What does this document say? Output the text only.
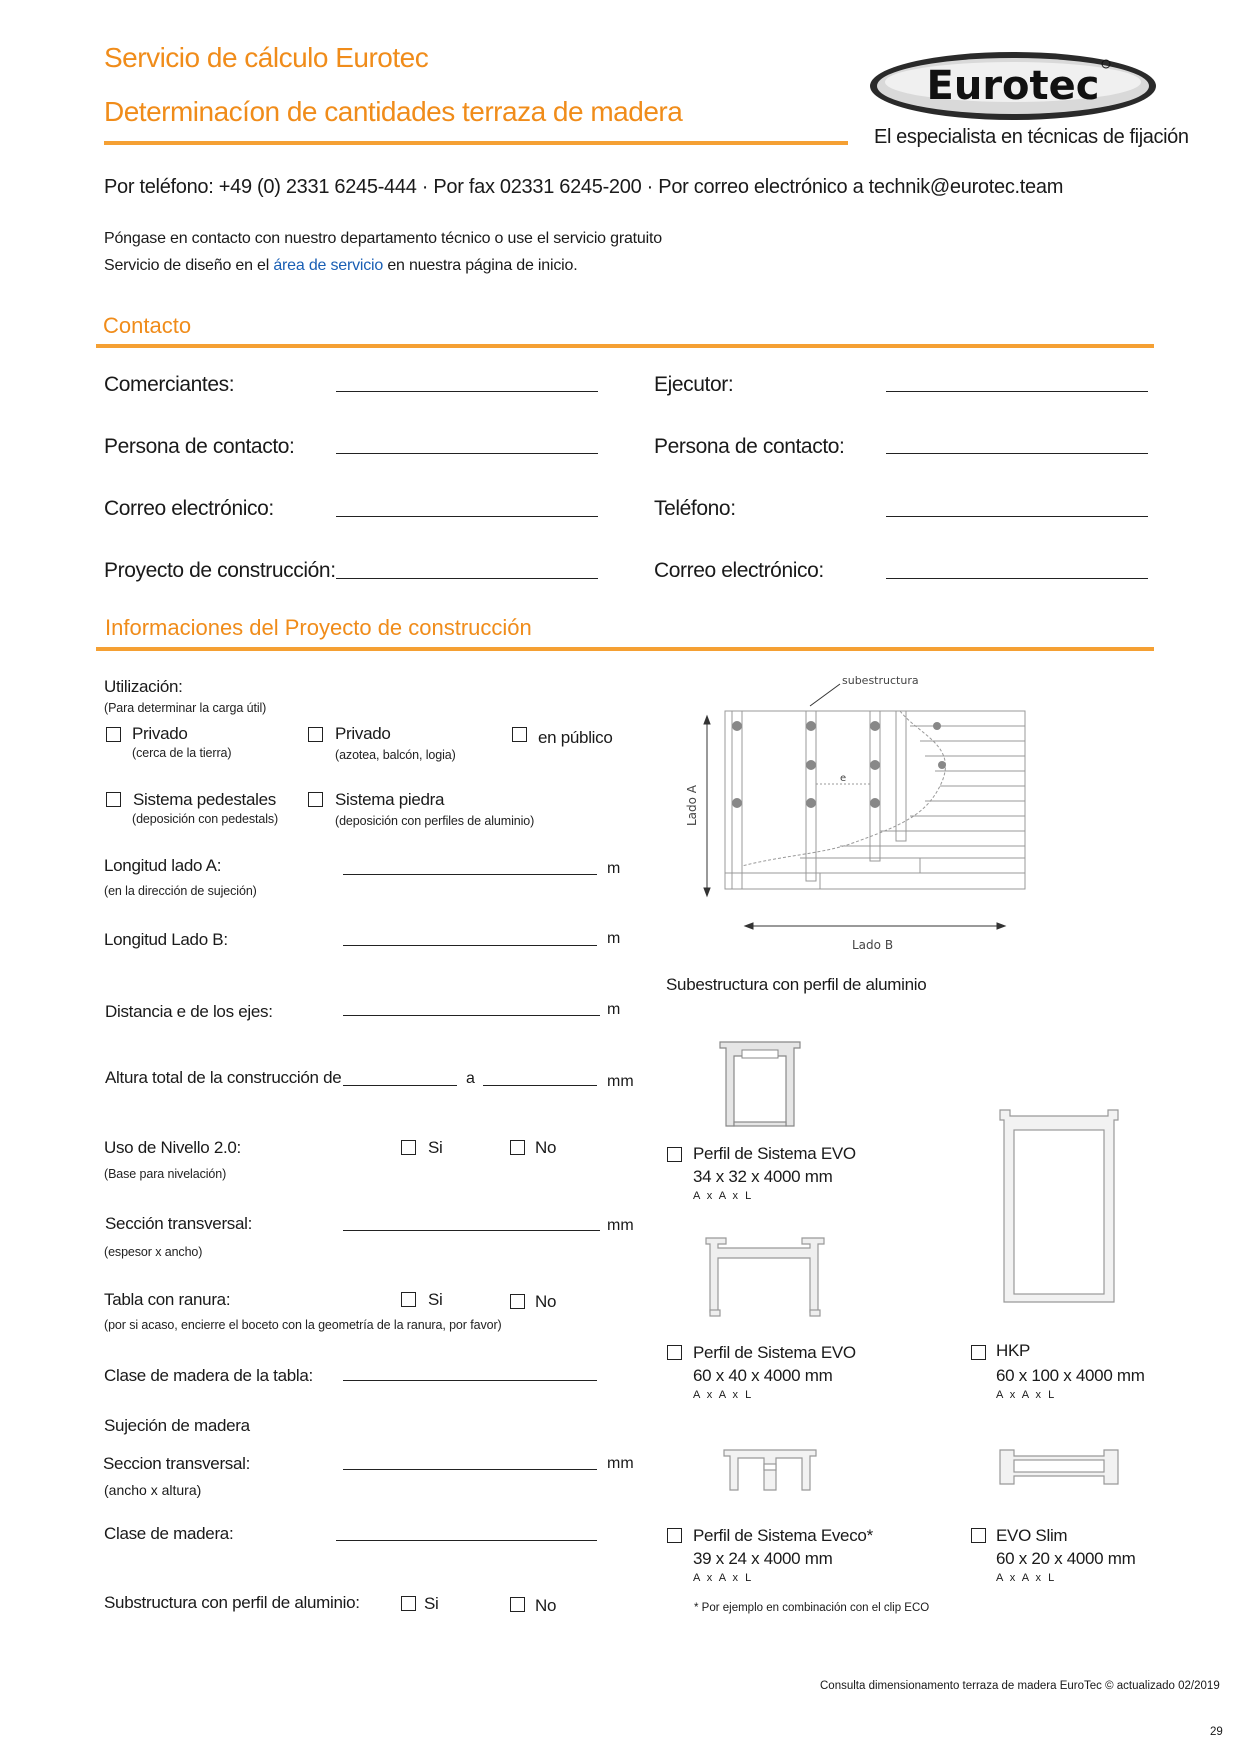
Servicio de cálculo Eurotec
Determinacíon de cantidades terraza de madera
Eurotec
El especialista en técnicas de fijación
Por teléfono: +49 (0) 2331 6245-444 · Por fax 02331 6245-200 · Por correo electrónico a technik@eurotec.team
Póngase en contacto con nuestro departamento técnico o use el servicio gratuito
Servicio de diseño en el área de servicio en nuestra página de inicio.
Contacto
Comerciantes:
Persona de contacto:
Correo electrónico:
Proyecto de construcción:
Ejecutor:
Persona de contacto:
Teléfono:
Correo electrónico:
Informaciones del Proyecto de construcción
Utilización:
(Para determinar la carga útil)
Privado
(cerca de la tierra)
Privado
(azotea, balcón, logia)
en público
Sistema pedestales
(deposición con pedestals)
Sistema piedra
(deposición con perfiles de aluminio)
Longitud lado A:
(en la dirección de sujeción)
m
Longitud Lado B:	m
Distancia e de los ejes:	m
Altura total de la construcción de	a	mm
Uso de Nivello 2.0:
(Base para nivelación)
Si	No
Sección transversal:
(espesor x ancho)
mm
Tabla con ranura:
(por si acaso, encierre el boceto con la geometría de la ranura, por favor)
Si	No
Clase de madera de la tabla:
Sujeción de madera
Seccion transversal:
(ancho x altura)
mm
Clase de madera:
Substructura con perfil de aluminio:	Si	No
subestructura
Lado A
Lado B
e
Subestructura con perfil de aluminio
Perfil de Sistema EVO
34 x 32 x 4000 mm
A x A x L
Perfil de Sistema EVO
60 x 40 x 4000 mm
A x A x L
HKP
60 x 100 x 4000 mm
A x A x L
Perfil de Sistema Eveco*
39 x 24 x 4000 mm
A x A x L
EVO Slim
60 x 20 x 4000 mm
A x A x L
* Por ejemplo en combinación con el clip ECO
Consulta dimensionamento terraza de madera EuroTec © actualizado 02/2019
29
